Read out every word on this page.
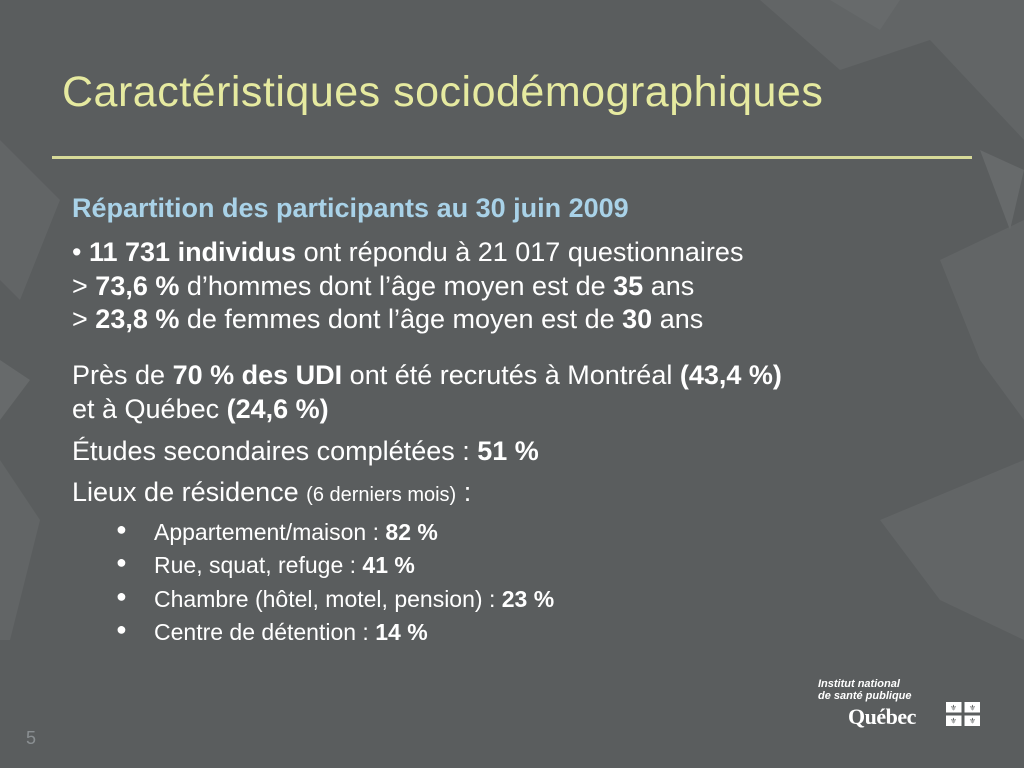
Caractéristiques sociodémographiques
Répartition des participants au 30 juin 2009
• 11 731 individus ont répondu à 21 017 questionnaires
> 73,6 % d’hommes dont l’âge moyen est de 35 ans
> 23,8 % de femmes dont l’âge moyen est de 30 ans
Près de 70 % des UDI ont été recrutés à Montréal (43,4 %)
et à Québec (24,6 %)
Études secondaires complétées : 51 %
Lieux de résidence (6 derniers mois) :
● Appartement/maison : 82 %
● Rue, squat, refuge : 41 %
● Chambre (hôtel, motel, pension) : 23 %
● Centre de détention : 14 %
5
Institut national
de santé publique
Québec	⚜ ⚜
⚜ ⚜
